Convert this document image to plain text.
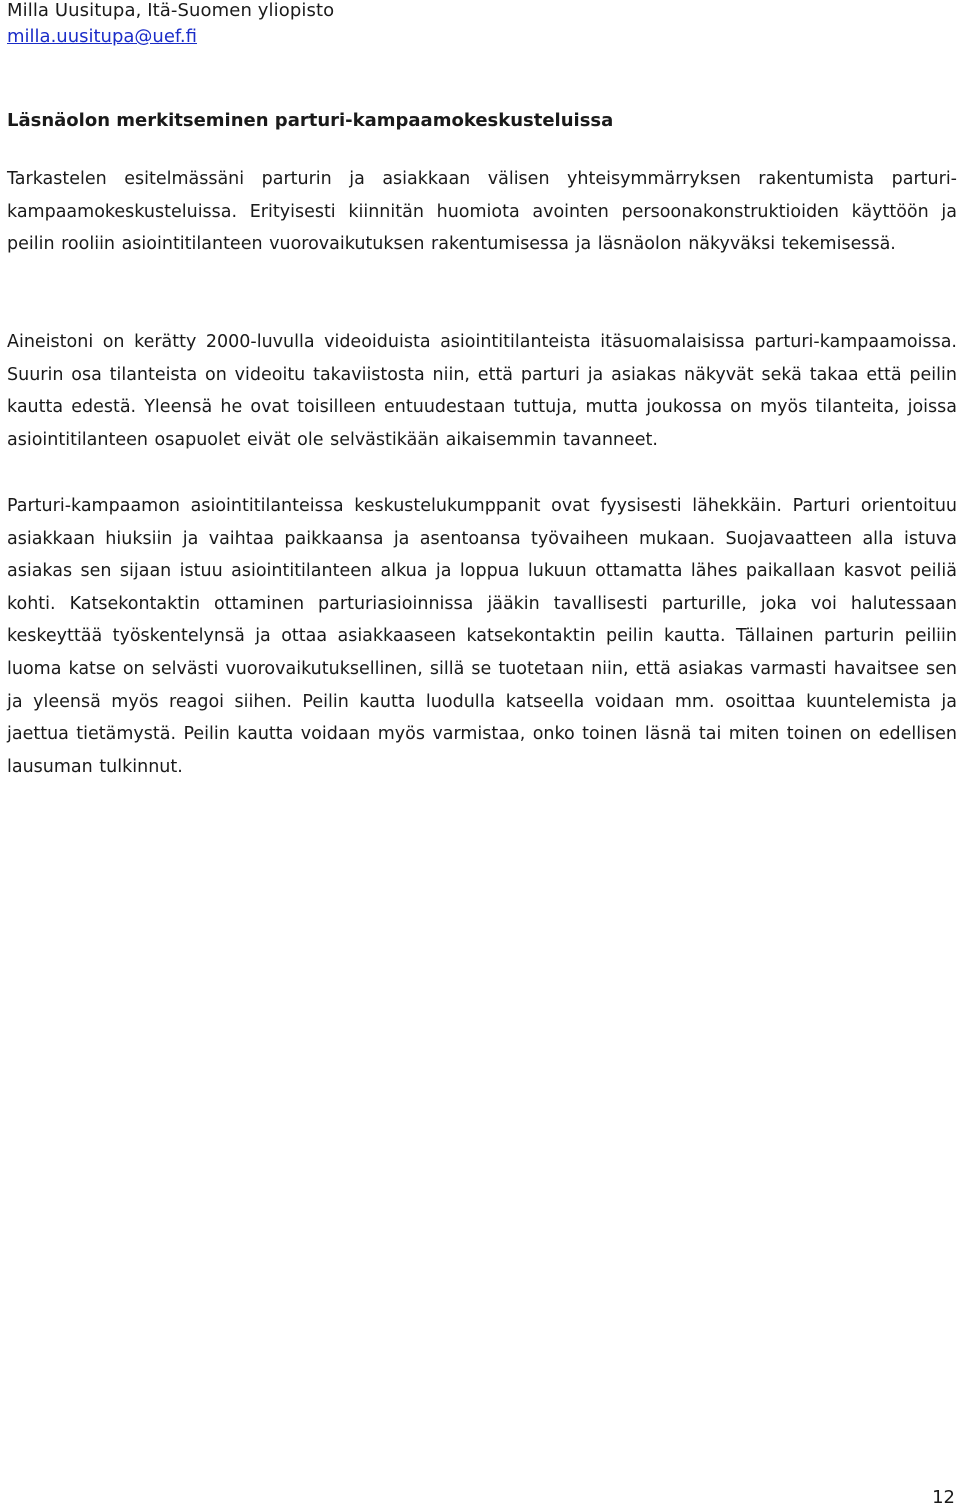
Milla Uusitupa, Itä-Suomen yliopisto
milla.uusitupa@uef.fi
Läsnäolon merkitseminen parturi-kampaamokeskusteluissa

Tarkastelen esitelmässäni parturin ja asiakkaan välisen yhteisymmärryksen rakentumista parturi-kampaamokeskusteluissa. Erityisesti kiinnitän huomiota avointen persoonakonstruktioiden käyttöön ja peilin rooliin asiointitilanteen vuorovaikutuksen rakentumisessa ja läsnäolon näkyväksi tekemisessä.

Aineistoni on kerätty 2000-luvulla videoiduista asiointitilanteista itäsuomalaisissa parturi-kampaamoissa. Suurin osa tilanteista on videoitu takaviistosta niin, että parturi ja asiakas näkyvät sekä takaa että peilin kautta edestä. Yleensä he ovat toisilleen entuudestaan tuttuja, mutta joukossa on myös tilanteita, joissa asiointitilanteen osapuolet eivät ole selvästikään aikaisemmin tavanneet.

Parturi-kampaamon asiointitilanteissa keskustelukumppanit ovat fyysisesti lähekkäin. Parturi orientoituu asiakkaan hiuksiin ja vaihtaa paikkaansa ja asentoansa työvaiheen mukaan. Suojavaatteen alla istuva asiakas sen sijaan istuu asiointitilanteen alkua ja loppua lukuun ottamatta lähes paikallaan kasvot peiliä kohti. Katsekontaktin ottaminen parturiasioinnissa jääkin tavallisesti parturille, joka voi halutessaan keskeyttää työskentelynsä ja ottaa asiakkaaseen katsekontaktin peilin kautta. Tällainen parturin peiliin luoma katse on selvästi vuorovaikutuksellinen, sillä se tuotetaan niin, että asiakas varmasti havaitsee sen ja yleensä myös reagoi siihen. Peilin kautta luodulla katseella voidaan mm. osoittaa kuuntelemista ja jaettua tietämystä. Peilin kautta voidaan myös varmistaa, onko toinen läsnä tai miten toinen on edellisen lausuman tulkinnut.

12
